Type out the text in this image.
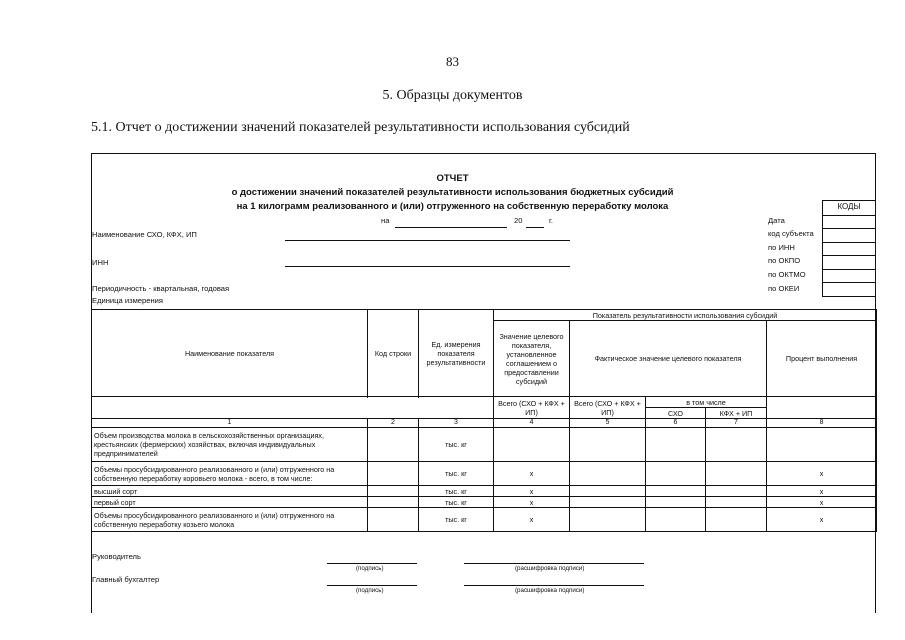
83
5. Образцы документов
5.1. Отчет о достижении значений показателей результативности использования субсидий
ОТЧЕТ
о достижении значений показателей результативности использования бюджетных субсидий
на 1 килограмм реализованного и (или) отгруженного на собственную переработку молока
на	20	г.
Наименование СХО, КФХ, ИП
ИНН
Периодичность - квартальная, годовая
Единица измерения
КОДЫ
Дата
код субъекта
по ИНН
по ОКПО
по ОКТМО
по ОКЕИ
Наименование показателя	Код строки	Ед. измерения показателя результативности	Показатель результативности использования субсидий				
			Значение целевого показателя, установленное соглашением о предоставлении субсидий	Фактическое значение целевого показателя			Процент выполнения

			Всего (СХО + КФХ + ИП)	Всего (СХО + КФХ + ИП)	в том числе		
					СХО	КФХ + ИП	
1	2	3	4	5	6	7	8
Объем производства молока в сельскохозяйственных организациях, крестьянских (фермерских) хозяйствах, включая индивидуальных предпринимателей		тыс. кг					
Объемы просубсидированного реализованного и (или) отгруженного на собственную переработку коровьего молока - всего, в том числе:		тыс. кг	х				х
высший сорт		тыс. кг	х				х
первый сорт		тыс. кг	х				х
Объемы просубсидированного реализованного и (или) отгруженного на собственную переработку козьего молока		тыс. кг	х				х
Руководитель
(подпись)	(расшифровка подписи)
Главный бухгалтер
(подпись)	(расшифровка подписи)
